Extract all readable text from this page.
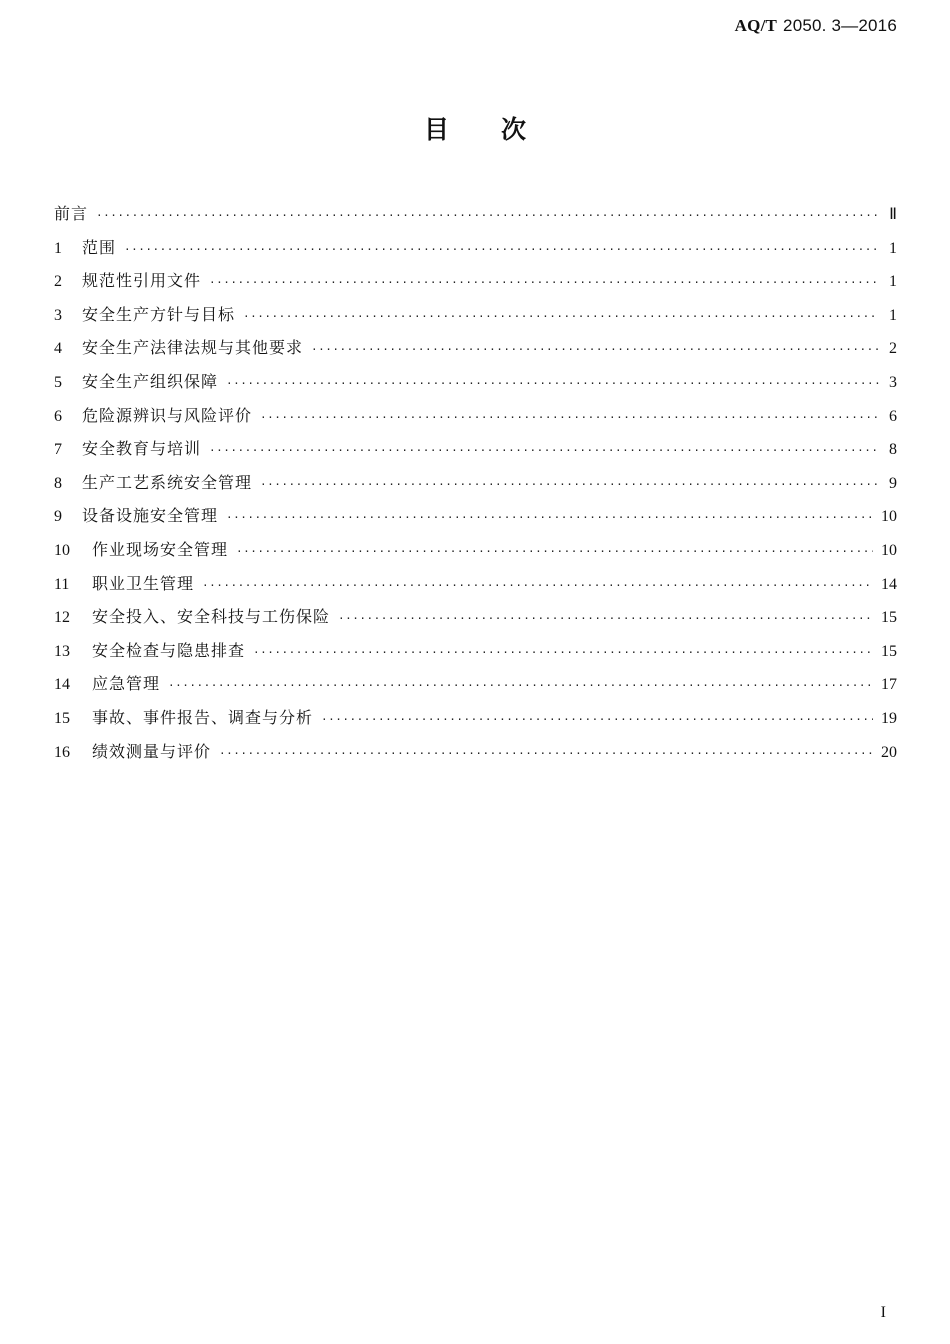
AQ/T 2050. 3—2016
目次
前言 ·····	Ⅱ
1	范围 ·····	1
2	规范性引用文件 ·····	1
3	安全生产方针与目标 ·····	1
4	安全生产法律法规与其他要求 ·····	2
5	安全生产组织保障 ·····	3
6	危险源辨识与风险评价 ·····	6
7	安全教育与培训 ·····	8
8	生产工艺系统安全管理 ·····	9
9	设备设施安全管理 ·····	10
10	作业现场安全管理 ·····	10
11	职业卫生管理 ·····	14
12	安全投入、安全科技与工伤保险 ·····	15
13	安全检查与隐患排查 ·····	15
14	应急管理 ·····	17
15	事故、事件报告、调查与分析 ·····	19
16	绩效测量与评价 ·····	20
I
